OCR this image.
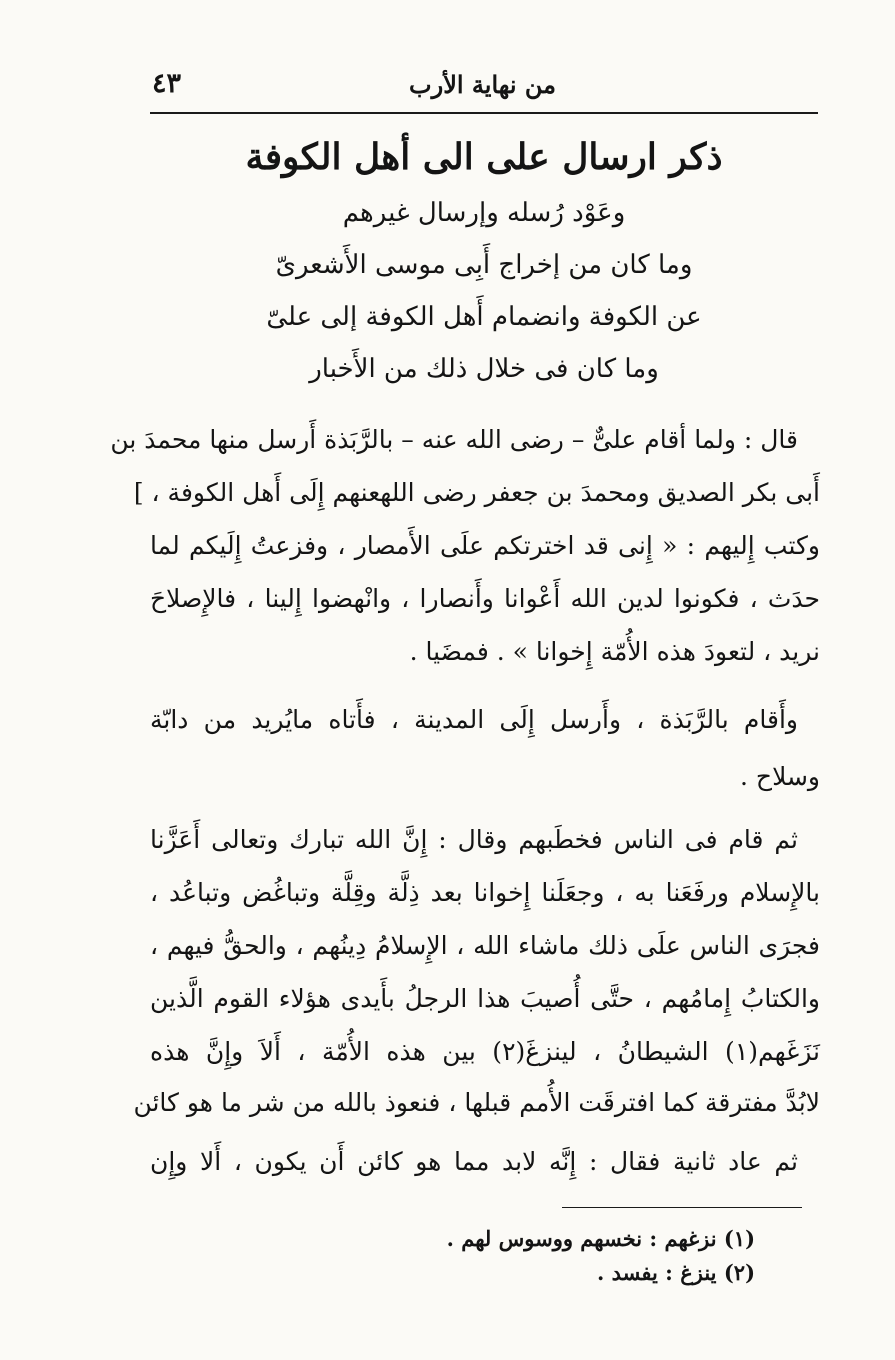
من نهاية الأرب
٤٣
ذكر ارسال على الى أهل الكوفة
وعَوْد رُسله وإرسال غيرهم
وما كان من إخراج أَبِى موسى الأَشعرىّ
عن الكوفة وانضمام أَهل الكوفة إلى علىّ
وما كان فى خلال ذلك من الأَخبار
قال : ولما أقام علىٌّ – رضى الله عنه – بالرَّبَذة أَرسل منها محمدَ بن
أَبى بكر الصديق ومحمدَ بن جعفر رضى اللهعنهم إِلَى أَهل الكوفة ، ]
وكتب إِليهم : « إِنى قد اخترتكم علَى الأَمصار ، وفزعتُ إِلَيكم لما
حدَث ، فكونوا لدين الله أَعْوانا وأَنصارا ، وانْهضوا إِلينا ، فالإِصلاحَ
نريد ، لتعودَ هذه الأُمّة إِخوانا » . فمضَيا .
وأَقام بالرَّبَذة ، وأَرسل إِلَى المدينة ، فأَتاه مايُريد من دابّة
وسلاح .
ثم قام فى الناس فخطَبهم وقال : إِنَّ الله تبارك وتعالى أَعَزَّنا
بالإِسلام ورفَعَنا به ، وجعَلَنا إِخوانا بعد ذِلَّة وقِلَّة وتباغُض وتباعُد ،
فجرَى الناس علَى ذلك ماشاء الله ، الإِسلامُ دِينُهم ، والحقُّ فيهم ،
والكتابُ إِمامُهم ، حتَّى أُصيبَ هذا الرجلُ بأَيدى هؤلاء القوم الَّذين
نَزَغَهم(١) الشيطانُ ، لينزغَ(٢) بين هذه الأُمّة ، أَلاَ وإِنَّ هذه
لابُدَّ مفترقة كما افترقَت الأُمم قبلها ، فنعوذ بالله من شر ما هو كائن
ثم عاد ثانية فقال : إِنَّه لابد مما هو كائن أَن يكون ، أَلا وإِن
(١) نزغهم : نخسهم ووسوس لهم .
(٢) ينزغ : يفسد .
